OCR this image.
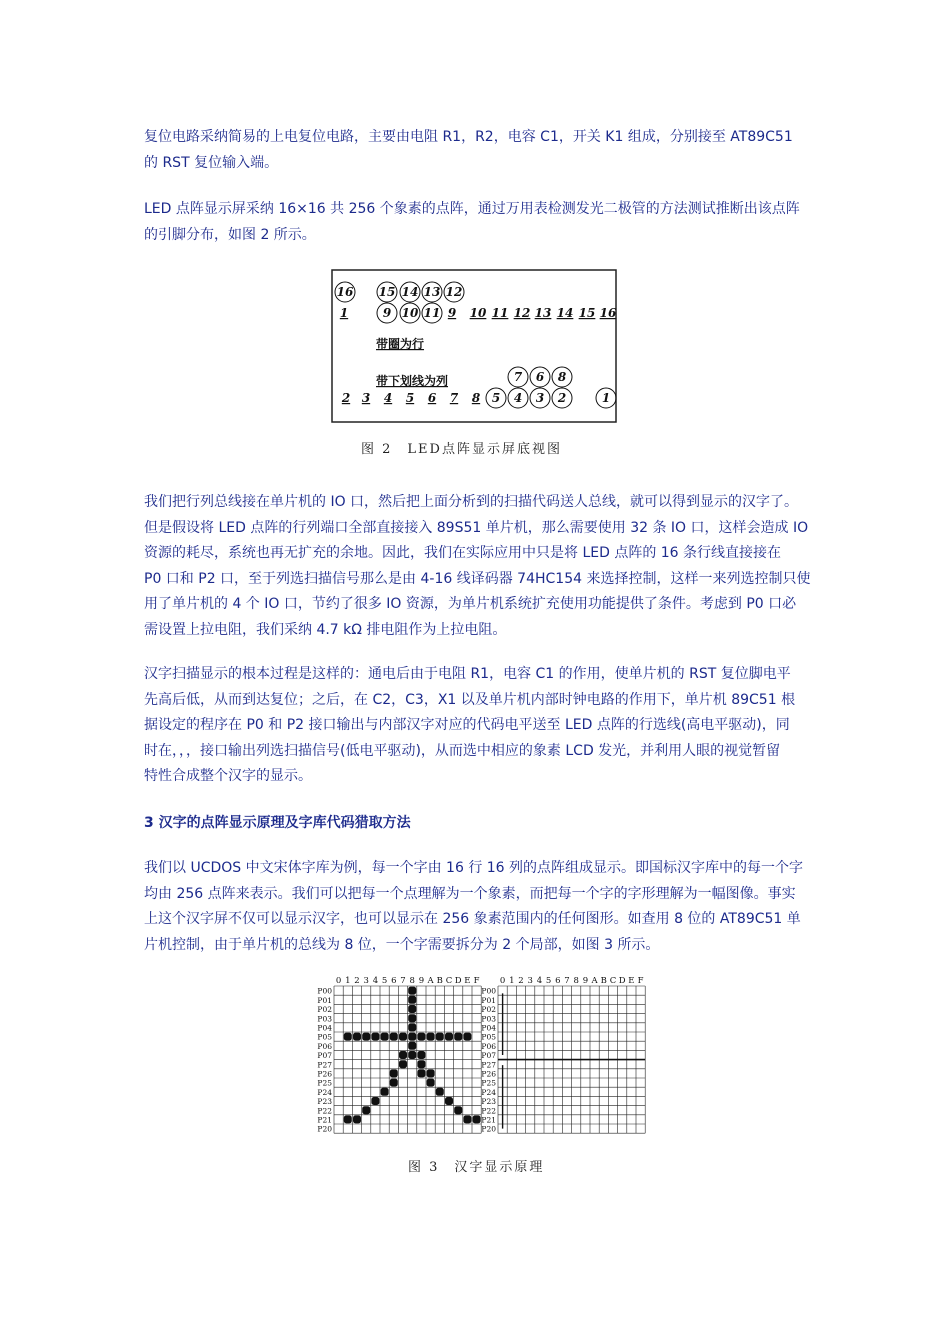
复位电路采纳简易的上电复位电路，主要由电阻 R1，R2，电容 C1，开关 K1 组成，分别接至 AT89C51
的 RST 复位输入端。
LED 点阵显示屏采纳 16×16 共 256 个象素的点阵，通过万用表检测发光二极管的方法测试推断出该点阵
的引脚分布，如图 2 所示。
16 15 14 13 12
1	9 10 11 9 10 11 12 13 14 15 16
6
7	8
2 3 4 5 6 7 8 5 4 3 2	1
带圈为行
带下划线为列
图 2　LED点阵显示屏底视图
我们把行列总线接在单片机的 IO 口，然后把上面分析到的扫描代码送人总线，就可以得到显示的汉字了。
但是假设将 LED 点阵的行列端口全部直接接入 89S51 单片机，那么需要使用 32 条 IO 口，这样会造成 IO
资源的耗尽，系统也再无扩充的余地。因此，我们在实际应用中只是将 LED 点阵的 16 条行线直接接在
P0 口和 P2 口，至于列选扫描信号那么是由 4-16 线译码器 74HC154 来选择控制，这样一来列选控制只使
用了单片机的 4 个 IO 口，节约了很多 IO 资源，为单片机系统扩充使用功能提供了条件。考虑到 P0 口必
需设置上拉电阻，我们采纳 4.7 kΩ 排电阻作为上拉电阻。
汉字扫描显示的根本过程是这样的：通电后由于电阻 R1，电容 C1 的作用，使单片机的 RST 复位脚电平
先高后低，从而到达复位；之后，在 C2，C3，X1 以及单片机内部时钟电路的作用下，单片机 89C51 根
据设定的程序在 P0 和 P2 接口输出与内部汉字对应的代码电平送至 LED 点阵的行选线(高电平驱动)，同
时在，，，接口输出列选扫描信号(低电平驱动)，从而选中相应的象素 LCD 发光，并利用人眼的视觉暂留
特性合成整个汉字的显示。
3 汉字的点阵显示原理及字库代码猎取方法
我们以 UCDOS 中文宋体字库为例，每一个字由 16 行 16 列的点阵组成显示。即国标汉字库中的每一个字
均由 256 点阵来表示。我们可以把每一个点理解为一个象素，而把每一个字的字形理解为一幅图像。事实
上这个汉字屏不仅可以显示汉字，也可以显示在 256 象素范围内的任何图形。如查用 8 位的 AT89C51 单
片机控制，由于单片机的总线为 8 位，一个字需要拆分为 2 个局部，如图 3 所示。
0 1 2 3 4 5 6 7 8 9 A B C D E F
P00
P01
P02
P03
P04
P05
P06
P07
P27
P26
P25
P24
P23
P22
P21
P20
0 1 2 3 4 5 6 7 8 9 A B C D E F
P00
P01
P02
P03
P04
P05
P06
P07
P27
P26
P25
P24
P23
P22
P21
P20
图 3　汉字显示原理
